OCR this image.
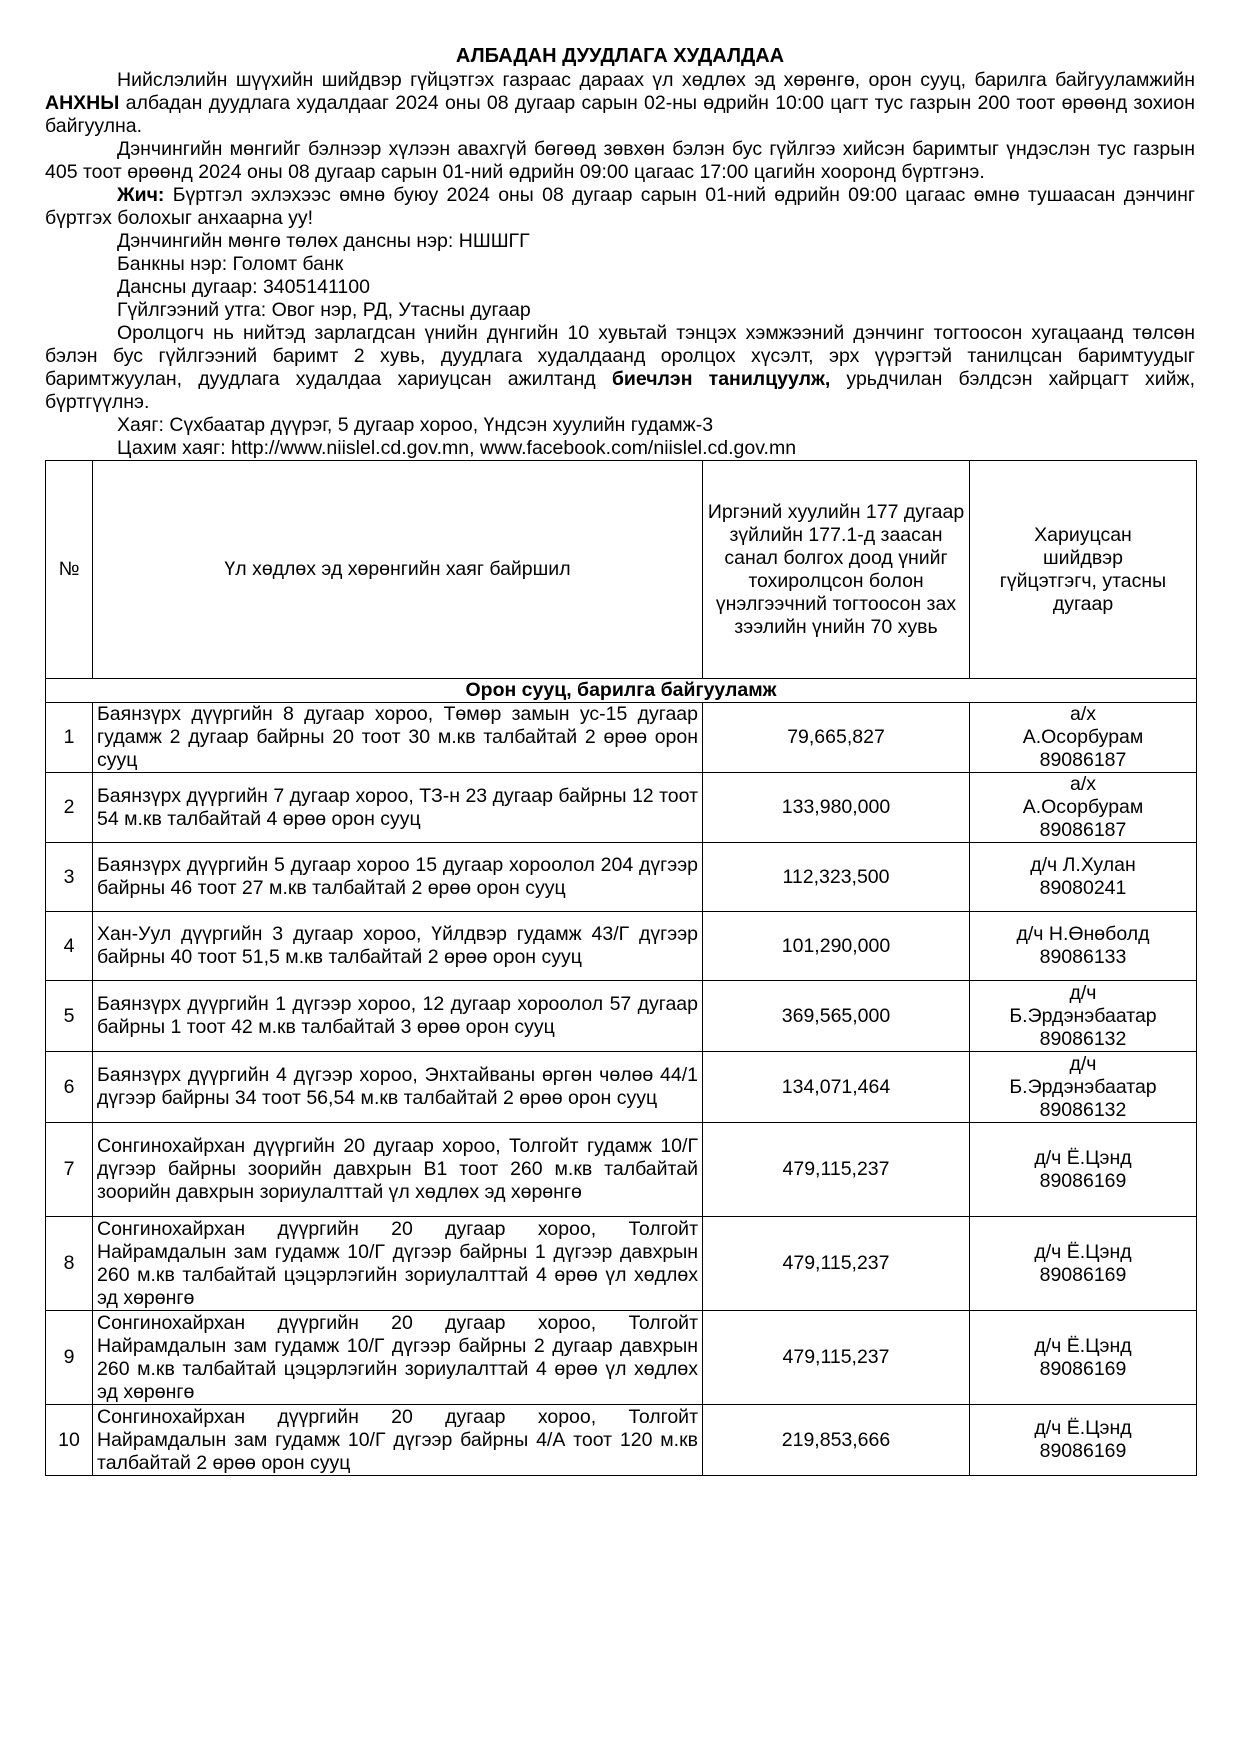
АЛБАДАН ДУУДЛАГА ХУДАЛДАА

Нийслэлийн шүүхийн шийдвэр гүйцэтгэх газраас дараах үл хөдлөх эд хөрөнгө, орон сууц, барилга байгууламжийн АНХНЫ албадан дуудлага худалдааг 2024 оны 08 дугаар сарын 02-ны өдрийн 10:00 цагт тус газрын 200 тоот өрөөнд зохион байгуулна.

Дэнчингийн мөнгийг бэлнээр хүлээн авахгүй бөгөөд зөвхөн бэлэн бус гүйлгээ хийсэн баримтыг үндэслэн тус газрын 405 тоот өрөөнд 2024 оны 08 дугаар сарын 01-ний өдрийн 09:00 цагаас 17:00 цагийн хооронд бүртгэнэ.

Жич: Бүртгэл эхлэхээс өмнө буюу 2024 оны 08 дугаар сарын 01-ний өдрийн 09:00 цагаас өмнө тушаасан дэнчинг бүртгэх болохыг анхаарна уу!

Дэнчингийн мөнгө төлөх дансны нэр: НШШГГ
Банкны нэр: Голомт банк
Дансны дугаар: 3405141100
Гүйлгээний утга: Овог нэр, РД, Утасны дугаар

Оролцогч нь нийтэд зарлагдсан үнийн дүнгийн 10 хувьтай тэнцэх хэмжээний дэнчинг тогтоосон хугацаанд төлсөн бэлэн бус гүйлгээний баримт 2 хувь, дуудлага худалдаанд оролцох хүсэлт, эрх үүрэгтэй танилцсан баримтуудыг баримтжуулан, дуудлага худалдаа хариуцсан ажилтанд биечлэн танилцуулж, урьдчилан бэлдсэн хайрцагт хийж, бүртгүүлнэ.

Хаяг: Сүхбаатар дүүрэг, 5 дугаар хороо, Үндсэн хуулийн гудамж-3
Цахим хаяг: http://www.niislel.cd.gov.mn, www.facebook.com/niislel.cd.gov.mn
№	Үл хөдлөх эд хөрөнгийн хаяг байршил	Иргэний хуулийн 177 дугаар зүйлийн 177.1-д заасан санал болгох доод үнийг тохиролцсон болон үнэлгээчний тогтоосон зах зээлийн үнийн 70 хувь	Хариуцсан шийдвэр гүйцэтгэгч, утасны дугаар
Орон сууц, барилга байгууламж			
1	Баянзүрх дүүргийн 8 дугаар хороо, Төмөр замын ус-15 дугаар гудамж 2 дугаар байрны 20 тоот 30 м.кв талбайтай 2 өрөө орон сууц	79,665,827	а/х
А.Осорбурам
89086187

2	Баянзүрх дүүргийн 7 дугаар хороо, ТЗ-н 23 дугаар байрны 12 тоот 54 м.кв талбайтай 4 өрөө орон сууц	133,980,000	а/х
А.Осорбурам
89086187

3	Баянзүрх дүүргийн 5 дугаар хороо 15 дугаар хороолол 204 дүгээр байрны 46 тоот 27 м.кв талбайтай 2 өрөө орон сууц	112,323,500	д/ч Л.Хулан
89080241

4	Хан-Уул дүүргийн 3 дугаар хороо, Үйлдвэр гудамж 43/Г дүгээр байрны 40 тоот 51,5 м.кв талбайтай 2 өрөө орон сууц	101,290,000	д/ч Н.Өнөболд
89086133

5	Баянзүрх дүүргийн 1 дүгээр хороо, 12 дугаар хороолол 57 дугаар байрны 1 тоот 42 м.кв талбайтай 3 өрөө орон сууц	369,565,000	д/ч
Б.Эрдэнэбаатар
89086132

6	Баянзүрх дүүргийн 4 дүгээр хороо, Энхтайваны өргөн чөлөө 44/1 дүгээр байрны 34 тоот 56,54 м.кв талбайтай 2 өрөө орон сууц	134,071,464	д/ч
Б.Эрдэнэбаатар
89086132

7	Сонгинохайрхан дүүргийн 20 дугаар хороо, Толгойт гудамж 10/Г дүгээр байрны зоорийн давхрын В1 тоот 260 м.кв талбайтай зоорийн давхрын зориулалттай үл хөдлөх эд хөрөнгө	479,115,237	д/ч Ё.Цэнд
89086169

8	Сонгинохайрхан дүүргийн 20 дугаар хороо, Толгойт Найрамдалын зам гудамж 10/Г дүгээр байрны 1 дүгээр давхрын 260 м.кв талбайтай цэцэрлэгийн зориулалттай 4 өрөө үл хөдлөх эд хөрөнгө	479,115,237	д/ч Ё.Цэнд
89086169

9	Сонгинохайрхан дүүргийн 20 дугаар хороо, Толгойт Найрамдалын зам гудамж 10/Г дүгээр байрны 2 дугаар давхрын 260 м.кв талбайтай цэцэрлэгийн зориулалттай 4 өрөө үл хөдлөх эд хөрөнгө	479,115,237	д/ч Ё.Цэнд
89086169

10	Сонгинохайрхан дүүргийн 20 дугаар хороо, Толгойт Найрамдалын зам гудамж 10/Г дүгээр байрны 4/А тоот 120 м.кв талбайтай 2 өрөө орон сууц	219,853,666	д/ч Ё.Цэнд
89086169
